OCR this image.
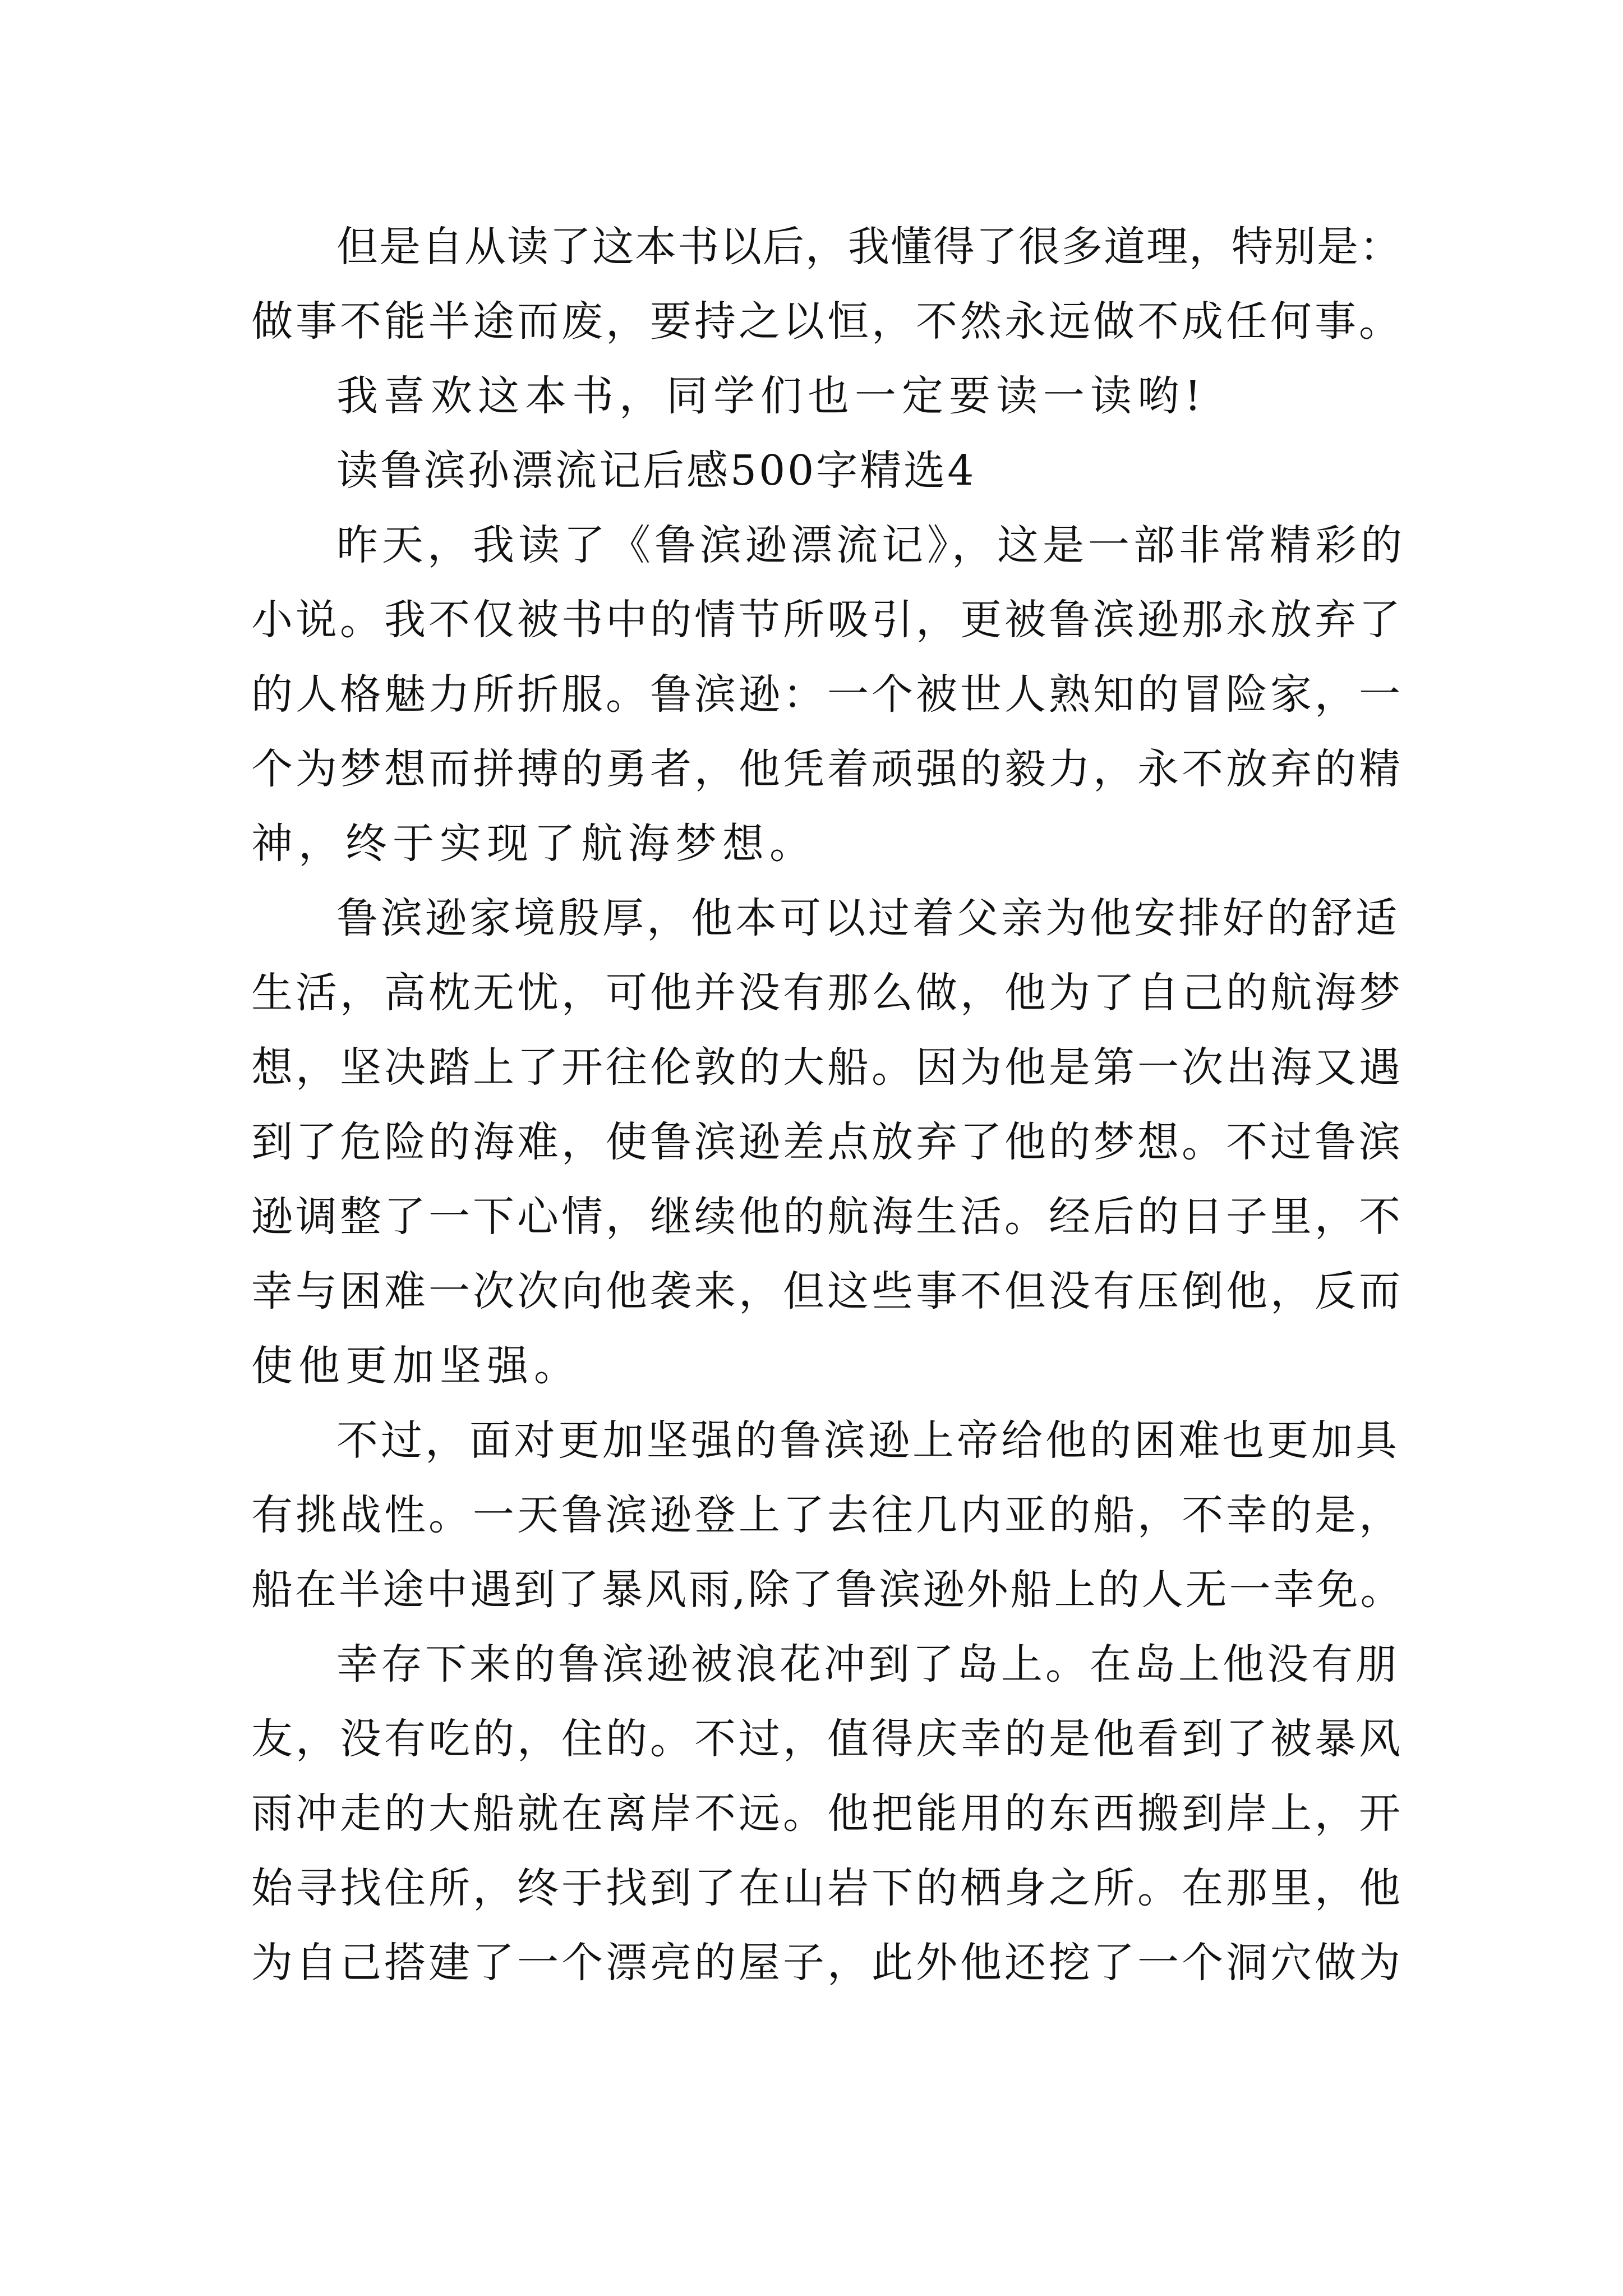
但是自从读了这本书以后，我懂得了很多道理，特别是：
做事不能半途而废，要持之以恒，不然永远做不成任何事。
我喜欢这本书，同学们也一定要读一读哟!
读鲁滨孙漂流记后感500字精选4
昨天，我读了《鲁滨逊漂流记》，这是一部非常精彩的
小说。我不仅被书中的情节所吸引，更被鲁滨逊那永放弃了
的人格魅力所折服。鲁滨逊：一个被世人熟知的冒险家，一
个为梦想而拼搏的勇者，他凭着顽强的毅力，永不放弃的精
神，终于实现了航海梦想。
鲁滨逊家境殷厚，他本可以过着父亲为他安排好的舒适
生活，高枕无忧，可他并没有那么做，他为了自己的航海梦
想，坚决踏上了开往伦敦的大船。因为他是第一次出海又遇
到了危险的海难，使鲁滨逊差点放弃了他的梦想。不过鲁滨
逊调整了一下心情，继续他的航海生活。经后的日子里，不
幸与困难一次次向他袭来，但这些事不但没有压倒他，反而
使他更加坚强。
不过，面对更加坚强的鲁滨逊上帝给他的困难也更加具
有挑战性。一天鲁滨逊登上了去往几内亚的船，不幸的是，
船在半途中遇到了暴风雨,除了鲁滨逊外船上的人无一幸免。
幸存下来的鲁滨逊被浪花冲到了岛上。在岛上他没有朋
友，没有吃的，住的。不过，值得庆幸的是他看到了被暴风
雨冲走的大船就在离岸不远。他把能用的东西搬到岸上，开
始寻找住所，终于找到了在山岩下的栖身之所。在那里，他
为自己搭建了一个漂亮的屋子，此外他还挖了一个洞穴做为
